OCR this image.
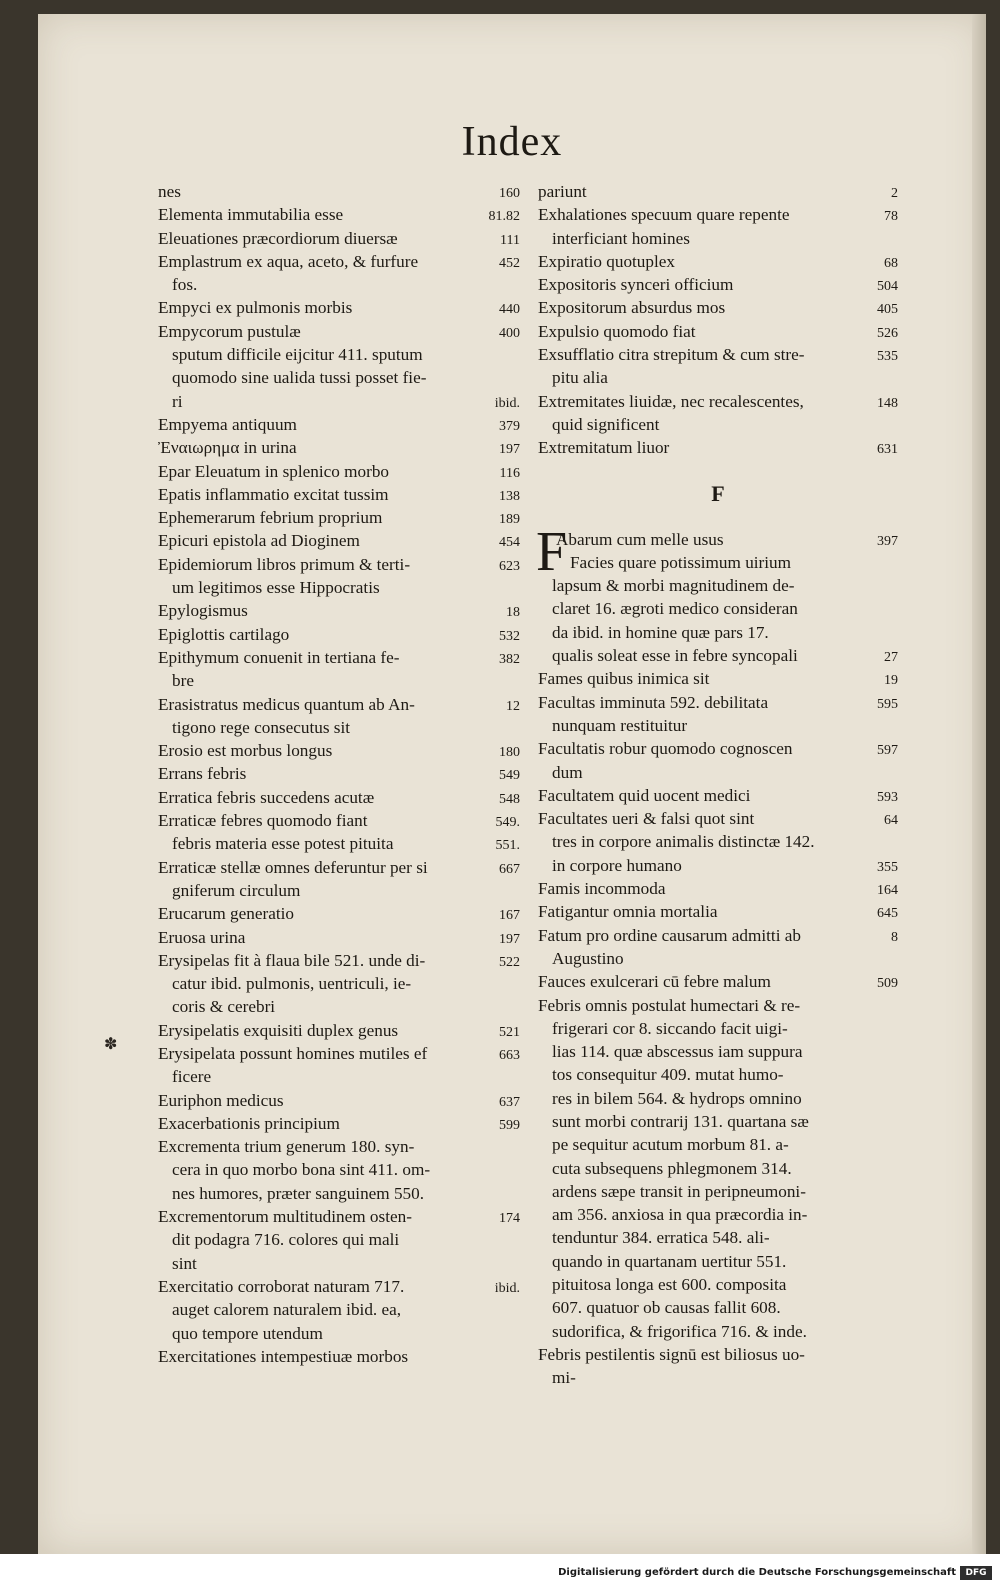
Index
nes	160
Elementa immutabilia esse	81.82
Eleuationes præcordiorum diuersæ	111
Emplastrum ex aqua, aceto, & furfure	452
fos.
Empyci ex pulmonis morbis	440
Empycorum pustulæ	400
sputum difficile eijcitur 411. sputum
quomodo sine ualida tussi posset fie-
ri	ibid.
Empyema antiquum	379
Ἐναιωρημα in urina	197
Epar Eleuatum in splenico morbo	116
Epatis inflammatio excitat tussim	138
Ephemerarum febrium proprium	189
Epicuri epistola ad Dioginem	454
Epidemiorum libros primum & terti-	623
um legitimos esse Hippocratis
Epylogismus	18
Epiglottis cartilago	532
Epithymum conuenit in tertiana fe-	382
bre
Erasistratus medicus quantum ab An-	12
tigono rege consecutus sit
Erosio est morbus longus	180
Errans febris	549
Erratica febris succedens acutæ	548
Erraticæ febres quomodo fiant	549.
febris materia esse potest pituita	551.
Erraticæ stellæ omnes deferuntur per si	667
gniferum circulum
Erucarum generatio	167
Eruosa urina	197
Erysipelas fit à flaua bile 521. unde di-	522
catur ibid. pulmonis, uentriculi, ie-
coris & cerebri
Erysipelatis exquisiti duplex genus	521
Erysipelata possunt homines mutiles ef	663
ficere
Euriphon medicus	637
Exacerbationis principium	599
Excrementa trium generum 180. syn-
cera in quo morbo bona sint 411. om-
nes humores, præter sanguinem 550.
Excrementorum multitudinem osten-	174
dit podagra 716. colores qui mali
sint
Exercitatio corroborat naturam 717.	ibid.
auget calorem naturalem ibid. ea,
quo tempore utendum
Exercitationes intempestiuæ morbos
pariunt	2
Exhalationes specuum quare repente	78
interficiant homines
Expiratio quotuplex	68
Expositoris synceri officium	504
Expositorum absurdus mos	405
Expulsio quomodo fiat	526
Exsufflatio citra strepitum & cum stre-	535
pitu alia
Extremitates liuidæ, nec recalescentes,	148
quid significent
Extremitatum liuor	631
F
F
Abarum cum melle usus	397
Facies quare potissimum uirium
lapsum & morbi magnitudinem de-
claret 16. ægroti medico consideran
da ibid. in homine quæ pars 17.
qualis soleat esse in febre syncopali	27
Fames quibus inimica sit	19
Facultas imminuta 592. debilitata	595
nunquam restituitur
Facultatis robur quomodo cognoscen	597
dum
Facultatem quid uocent medici	593
Facultates ueri & falsi quot sint	64
tres in corpore animalis distinctæ 142.
in corpore humano	355
Famis incommoda	164
Fatigantur omnia mortalia	645
Fatum pro ordine causarum admitti ab	8
Augustino
Fauces exulcerari cū febre malum	509
Febris omnis postulat humectari & re-
frigerari cor 8. siccando facit uigi-
lias 114. quæ abscessus iam suppura
tos consequitur 409. mutat humo-
res in bilem 564. & hydrops omnino
sunt morbi contrarij 131. quartana sæ
pe sequitur acutum morbum 81. a-
cuta subsequens phlegmonem 314.
ardens sæpe transit in peripneumoni-
am 356. anxiosa in qua præcordia in-
tenduntur 384. erratica 548. ali-
quando in quartanam uertitur 551.
pituitosa longa est 600. composita
607. quatuor ob causas fallit 608.
sudorifica, & frigorifica 716. & inde.
Febris pestilentis signū est biliosus uo-
mi-
✽
Digitalisierung gefördert durch die Deutsche Forschungsgemeinschaft	DFG
